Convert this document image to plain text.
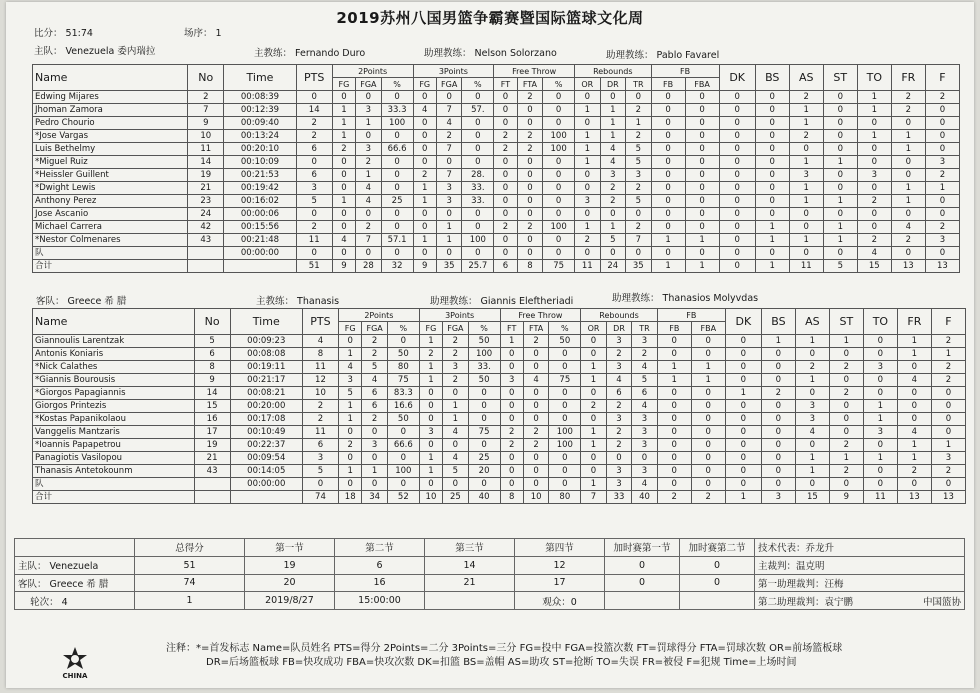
2019苏州八国男篮争霸赛暨国际篮球文化周
比分： 51:74	场序： 1
主队： Venezuela 委内瑞拉	主教练： Fernando Duro	助理教练： Nelson Solorzano	助理教练： Pablo Favarel
Name	No	Time	PTS	2Points			3Points			Free Throw			Rebounds			FB		DK	BS	AS	ST	TO	FR	F
				FG	FGA	%	FG	FGA	%	FT	FTA	%	OR	DR	TR	FB	FBA							
Edwing Mijares	2	00:08:39	0	0	0	0	0	0	0	0	2	0	0	0	0	0	0	0	0	2	0	1	2	2
Jhoman Zamora	7	00:12:39	14	1	3	33.3	4	7	57.	0	0	0	1	1	2	0	0	0	0	1	0	1	2	0
Pedro Chourio	9	00:09:40	2	1	1	100	0	4	0	0	0	0	0	1	1	0	0	0	0	1	0	0	0	0
*Jose Vargas	10	00:13:24	2	1	0	0	0	2	0	2	2	100	1	1	2	0	0	0	0	2	0	1	1	0
Luis Bethelmy	11	00:20:10	6	2	3	66.6	0	7	0	2	2	100	1	4	5	0	0	0	0	0	0	0	1	0
*Miguel Ruiz	14	00:10:09	0	0	2	0	0	0	0	0	0	0	1	4	5	0	0	0	0	1	1	0	0	3
*Heissler Guillent	19	00:21:53	6	0	1	0	2	7	28.	0	0	0	0	3	3	0	0	0	0	3	0	3	0	2
*Dwight Lewis	21	00:19:42	3	0	4	0	1	3	33.	0	0	0	0	2	2	0	0	0	0	1	0	0	1	1
Anthony Perez	23	00:16:02	5	1	4	25	1	3	33.	0	0	0	3	2	5	0	0	0	0	1	1	2	1	0
Jose Ascanio	24	00:00:06	0	0	0	0	0	0	0	0	0	0	0	0	0	0	0	0	0	0	0	0	0	0
Michael Carrera	42	00:15:56	2	0	2	0	0	1	0	2	2	100	1	1	2	0	0	0	1	0	1	0	4	2
*Nestor Colmenares	43	00:21:48	11	4	7	57.1	1	1	100	0	0	0	2	5	7	1	1	0	1	1	1	2	2	3
队		00:00:00	0	0	0	0	0	0	0	0	0	0	0	0	0	0	0	0	0	0	0	4	0	0
合计			51	9	28	32	9	35	25.7	6	8	75	11	24	35	1	1	0	1	11	5	15	13	13
客队： Greece 希 腊	主教练： Thanasis	助理教练： Giannis Eleftheriadi	助理教练： Thanasios Molyvdas
Name	No	Time	PTS	2Points			3Points			Free Throw			Rebounds			FB		DK	BS	AS	ST	TO	FR	F
				FG	FGA	%	FG	FGA	%	FT	FTA	%	OR	DR	TR	FB	FBA							
Giannoulis Larentzak	5	00:09:23	4	0	2	0	1	2	50	1	2	50	0	3	3	0	0	0	1	1	1	0	1	2
Antonis Koniaris	6	00:08:08	8	1	2	50	2	2	100	0	0	0	0	2	2	0	0	0	0	0	0	0	1	1
*Nick Calathes	8	00:19:11	11	4	5	80	1	3	33.	0	0	0	1	3	4	1	1	0	0	2	2	3	0	2
*Giannis Bourousis	9	00:21:17	12	3	4	75	1	2	50	3	4	75	1	4	5	1	1	0	0	1	0	0	4	2
*Giorgos Papagiannis	14	00:08:21	10	5	6	83.3	0	0	0	0	0	0	0	6	6	0	0	1	2	0	2	0	0	0
Giorgos Printezis	15	00:20:00	2	1	6	16.6	0	1	0	0	0	0	2	2	4	0	0	0	0	3	0	1	0	0
*Kostas Papanikolaou	16	00:17:08	2	1	2	50	0	1	0	0	0	0	0	3	3	0	0	0	0	3	0	1	0	0
Vanggelis Mantzaris	17	00:10:49	11	0	0	0	3	4	75	2	2	100	1	2	3	0	0	0	0	4	0	3	4	0
*Ioannis Papapetrou	19	00:22:37	6	2	3	66.6	0	0	0	2	2	100	1	2	3	0	0	0	0	0	2	0	1	1
Panagiotis Vasilopou	21	00:09:54	3	0	0	0	1	4	25	0	0	0	0	0	0	0	0	0	0	1	1	1	1	3
Thanasis Antetokounm	43	00:14:05	5	1	1	100	1	5	20	0	0	0	0	3	3	0	0	0	0	1	2	0	2	2
队		00:00:00	0	0	0	0	0	0	0	0	0	0	1	3	4	0	0	0	0	0	0	0	0	0
合计			74	18	34	52	10	25	40	8	10	80	7	33	40	2	2	1	3	15	9	11	13	13
	总得分	第一节	第二节	第三节	第四节	加时赛第一节	加时赛第二节	技术代表：乔龙升
主队： Venezuela	51	19	6	14	12	0	0	主裁判：温克明
客队： Greece 希 腊	74	20	16	21	17	0	0	第一助理裁判：汪梅
轮次： 4	1	2019/8/27	15:00:00		观众：0			第二助理裁判：袁宁鹏 中国篮协
CHINA
注释：*=首发标志 Name=队员姓名 PTS=得分 2Points=二分 3Points=三分 FG=投中 FGA=投篮次数 FT=罚球得分 FTA=罚球次数 OR=前场篮板球
DR=后场篮板球 FB=快攻成功 FBA=快攻次数 DK=扣篮 BS=盖帽 AS=助攻 ST=抢断 TO=失误 FR=被侵 F=犯规 Time=上场时间
